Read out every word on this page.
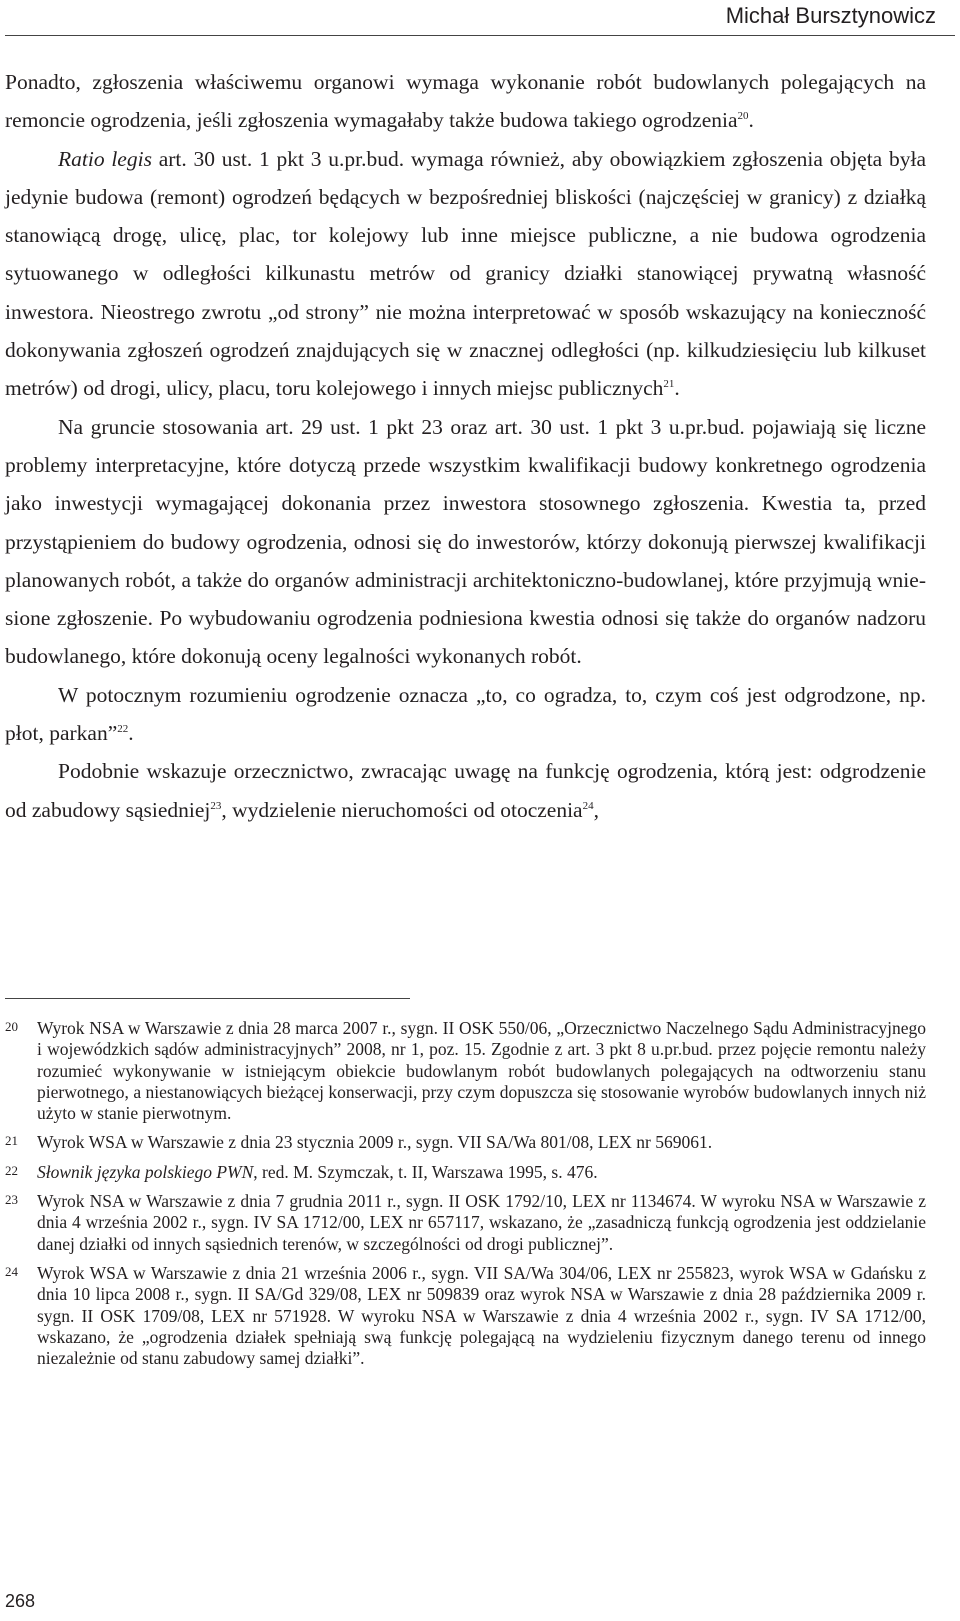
Michał Bursztynowicz

Ponadto, zgłoszenia właściwemu organowi wymaga wykonanie robót budowlanych polegających na remoncie ogrodzenia, jeśli zgłoszenia wymagałaby także budowa takiego ogrodzenia$^{20}$.

Ratio legis art. 30 ust. 1 pkt 3 u.pr.bud. wymaga również, aby obowiązkiem zgłoszenia objęta była jedynie budowa (remont) ogrodzeń będących w bezpośredniej bliskości (najczęściej w granicy) z działką stanowiącą drogę, ulicę, plac, tor kolejowy lub inne miejsce publiczne, a nie budowa ogrodzenia sytuowanego w odległości kilkunastu metrów od granicy działki stanowiącej prywatną własność inwestora. Nieostrego zwrotu „od strony” nie można interpretować w sposób wskazujący na konieczność dokonywania zgłoszeń ogrodzeń znajdujących się w znacznej odległości (np. kilkudziesięciu lub kilkuset metrów) od drogi, ulicy, placu, toru kolejowego i innych miejsc publicznych$^{21}$.

Na gruncie stosowania art. 29 ust. 1 pkt 23 oraz art. 30 ust. 1 pkt 3 u.pr.bud. pojawiają się liczne problemy interpretacyjne, które dotyczą przede wszystkim kwalifikacji budowy konkretnego ogrodzenia jako inwestycji wymagającej dokonania przez inwestora stosownego zgłoszenia. Kwestia ta, przed przystąpieniem do budowy ogrodzenia, odnosi się do inwestorów, którzy dokonują pierwszej kwalifikacji planowanych robót, a także do organów administracji architektoniczno-budowlanej, które przyjmują wniesione zgłoszenie. Po wybudowaniu ogrodzenia podniesiona kwestia odnosi się także do organów nadzoru budowlanego, które dokonują oceny legalności wykonanych robót.

W potocznym rozumieniu ogrodzenie oznacza „to, co ogradza, to, czym coś jest odgrodzone, np. płot, parkan”$^{22}$.

Podobnie wskazuje orzecznictwo, zwracając uwagę na funkcję ogrodzenia, którą jest: odgrodzenie od zabudowy sąsiedniej$^{23}$, wydzielenie nieruchomości od otoczenia$^{24}$,

20	Wyrok NSA w Warszawie z dnia 28 marca 2007 r., sygn. II OSK 550/06, „Orzecznictwo Naczelnego Sądu Administracyjnego i wojewódzkich sądów administracyjnych” 2008, nr 1, poz. 15. Zgodnie z art. 3 pkt 8 u.pr.bud. przez pojęcie remontu należy rozumieć wykonywanie w istniejącym obiekcie budowlanym robót budowlanych polegających na odtworzeniu stanu pierwotnego, a niestanowiących bieżącej konserwacji, przy czym dopuszcza się stosowanie wyrobów budowlanych innych niż użyto w stanie pierwotnym.
21	Wyrok WSA w Warszawie z dnia 23 stycznia 2009 r., sygn. VII SA/Wa 801/08, LEX nr 569061.
22	Słownik języka polskiego PWN, red. M. Szymczak, t. II, Warszawa 1995, s. 476.
23	Wyrok NSA w Warszawie z dnia 7 grudnia 2011 r., sygn. II OSK 1792/10, LEX nr 1134674. W wyroku NSA w Warszawie z dnia 4 września 2002 r., sygn. IV SA 1712/00, LEX nr 657117, wskazano, że „zasadniczą funkcją ogrodzenia jest oddzielanie danej działki od innych sąsiednich terenów, w szczególności od drogi publicznej”.
24	Wyrok WSA w Warszawie z dnia 21 września 2006 r., sygn. VII SA/Wa 304/06, LEX nr 255823, wyrok WSA w Gdańsku z dnia 10 lipca 2008 r., sygn. II SA/Gd 329/08, LEX nr 509839 oraz wyrok NSA w Warszawie z dnia 28 października 2009 r. sygn. II OSK 1709/08, LEX nr 571928. W wyroku NSA w Warszawie z dnia 4 września 2002 r., sygn. IV SA 1712/00, wskazano, że „ogrodzenia działek spełniają swą funkcję polegającą na wydzieleniu fizycznym danego terenu od innego niezależnie od stanu zabudowy samej działki”.
268
